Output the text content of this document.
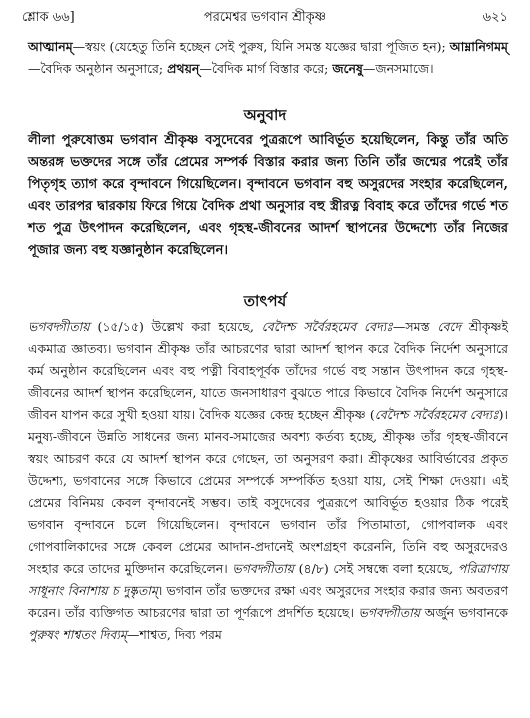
শ্লোক ৬৬]	পরমেশ্বর ভগবান শ্রীকৃষ্ণ	৬২১

আত্মানম্—স্বয়ং (যেহেতু তিনি হচ্ছেন সেই পুরুষ, যিনি সমস্ত যজ্ঞের দ্বারা পূজিত হন); আম্নানিগমম্—বৈদিক অনুষ্ঠান অনুসারে; প্রথয়ন্—বৈদিক মার্গ বিস্তার করে; জনেষু—জনসমাজে।

অনুবাদ

লীলা পুরুষোত্তম ভগবান শ্রীকৃষ্ণ বসুদেবের পুত্ররূপে আবির্ভূত হয়েছিলেন, কিন্তু তাঁর অতি অন্তরঙ্গ ভক্তদের সঙ্গে তাঁর প্রেমের সম্পর্ক বিস্তার করার জন্য তিনি তাঁর জন্মের পরেই তাঁর পিতৃগৃহ ত্যাগ করে বৃন্দাবনে গিয়েছিলেন। বৃন্দাবনে ভগবান বহু অসুরদের সংহার করেছিলেন, এবং তারপর দ্বারকায় ফিরে গিয়ে বৈদিক প্রথা অনুসার বহু স্ত্রীরত্ন বিবাহ করে তাঁদের গর্ভে শত শত পুত্র উৎপাদন করেছিলেন, এবং গৃহস্থ-জীবনের আদর্শ স্থাপনের উদ্দেশ্যে তাঁর নিজের পূজার জন্য বহু যজ্ঞানুষ্ঠান করেছিলেন।

তাৎপর্য

ভগবদ্গীতায় (১৫/১৫) উল্লেখ করা হয়েছে, বেদৈশ্চ সর্বৈরহমেব বেদ্যঃ—সমস্ত বেদে শ্রীকৃষ্ণই একমাত্র জ্ঞাতব্য। ভগবান শ্রীকৃষ্ণ তাঁর আচরণের দ্বারা আদর্শ স্থাপন করে বৈদিক নির্দেশ অনুসারে কর্ম অনুষ্ঠান করেছিলেন এবং বহু পত্নী বিবাহপূর্বক তাঁদের গর্ভে বহু সন্তান উৎপাদন করে গৃহস্থ-জীবনের আদর্শ স্থাপন করেছিলেন, যাতে জনসাধারণ বুঝতে পারে কিভাবে বৈদিক নির্দেশ অনুসারে জীবন যাপন করে সুখী হওয়া যায়। বৈদিক যজ্ঞের কেন্দ্র হচ্ছেন শ্রীকৃষ্ণ (বেদৈশ্চ সর্বৈরহমেব বেদ্যঃ)। মনুষ্য-জীবনে উন্নতি সাধনের জন্য মানব-সমাজের অবশ্য কর্তব্য হচ্ছে, শ্রীকৃষ্ণ তাঁর গৃহস্থ-জীবনে স্বয়ং আচরণ করে যে আদর্শ স্থাপন করে গেছেন, তা অনুসরণ করা। শ্রীকৃষ্ণের আবির্ভাবের প্রকৃত উদ্দেশ্য, ভগবানের সঙ্গে কিভাবে প্রেমের সম্পর্কে সম্পর্কিত হওয়া যায়, সেই শিক্ষা দেওয়া। এই প্রেমের বিনিময় কেবল বৃন্দাবনেই সম্ভব। তাই বসুদেবের পুত্ররূপে আবির্ভূত হওয়ার ঠিক পরেই ভগবান বৃন্দাবনে চলে গিয়েছিলেন। বৃন্দাবনে ভগবান তাঁর পিতামাতা, গোপবালক এবং গোপবালিকাদের সঙ্গে কেবল প্রেমের আদান-প্রদানেই অংশগ্রহণ করেননি, তিনি বহু অসুরদেরও সংহার করে তাদের মুক্তিদান করেছিলেন। ভগবদ্গীতায় (৪/৮) সেই সম্বন্ধে বলা হয়েছে, পরিত্রাণায় সাধূনাং বিনাশায় চ দুষ্কৃতাম্। ভগবান তাঁর ভক্তদের রক্ষা এবং অসুরদের সংহার করার জন্য অবতরণ করেন। তাঁর ব্যক্তিগত আচরণের দ্বারা তা পূর্ণরূপে প্রদর্শিত হয়েছে। ভগবদ্গীতায় অর্জুন ভগবানকে পুরুষং শাশ্বতং দিব্যম্—শাশ্বত, দিব্য পরম
